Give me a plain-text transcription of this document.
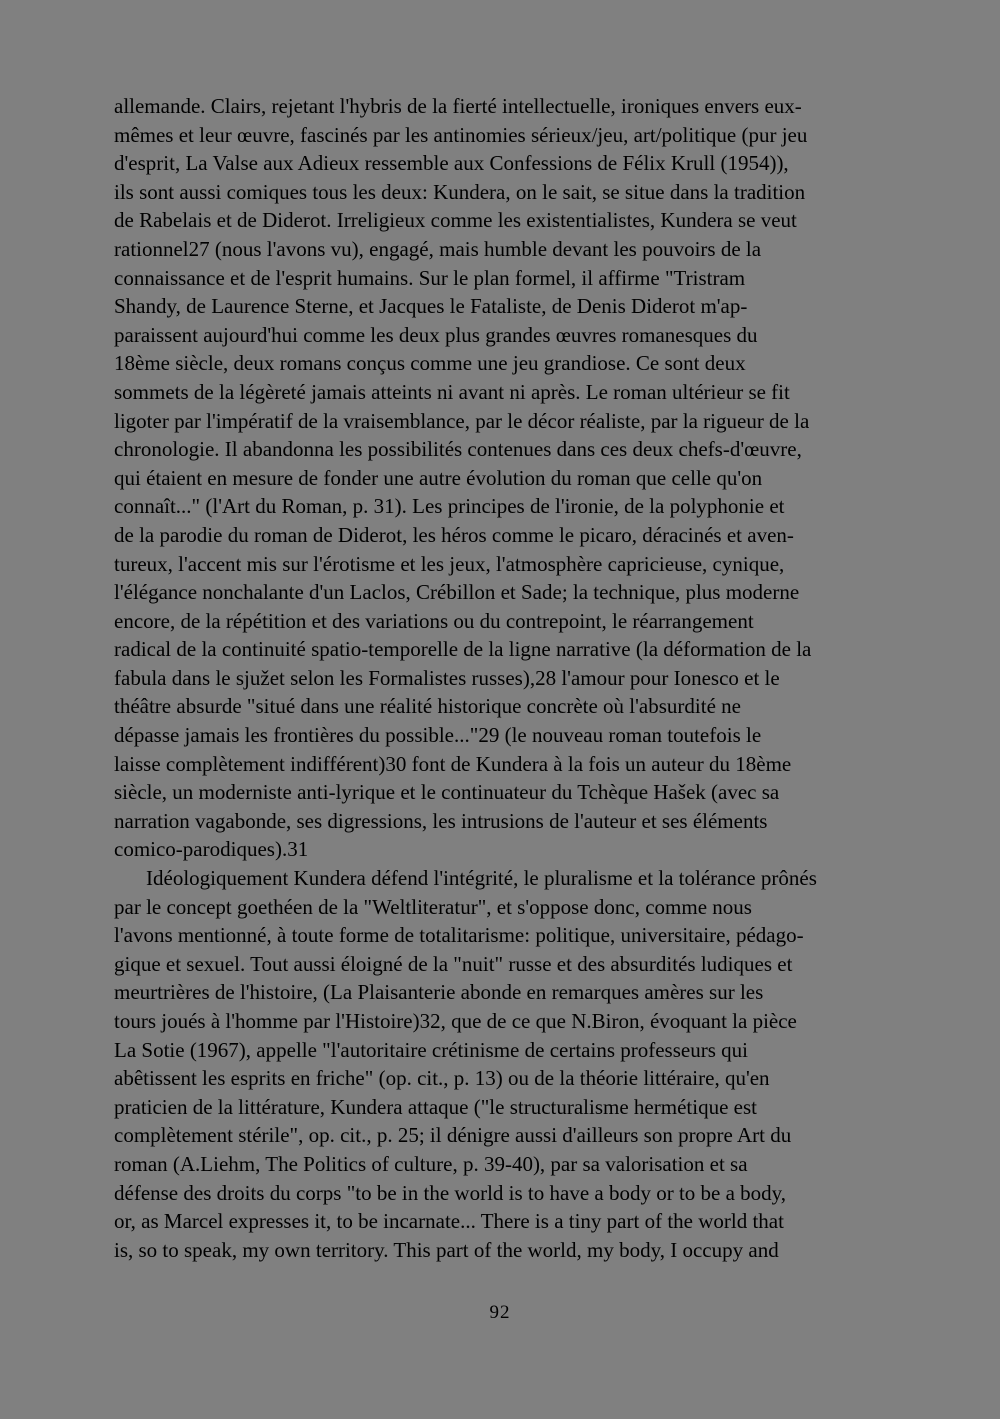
allemande. Clairs, rejetant l'hybris de la fierté intellectuelle, ironiques envers eux-
mêmes et leur œuvre, fascinés par les antinomies sérieux/jeu, art/politique (pur jeu
d'esprit, La Valse aux Adieux ressemble aux Confessions de Félix Krull (1954)),
ils sont aussi comiques tous les deux: Kundera, on le sait, se situe dans la tradition
de Rabelais et de Diderot. Irreligieux comme les existentialistes, Kundera se veut
rationnel27 (nous l'avons vu), engagé, mais humble devant les pouvoirs de la
connaissance et de l'esprit humains. Sur le plan formel, il affirme "Tristram
Shandy, de Laurence Sterne, et Jacques le Fataliste, de Denis Diderot m'ap-
paraissent aujourd'hui comme les deux plus grandes œuvres romanesques du
18ème siècle, deux romans conçus comme une jeu grandiose. Ce sont deux
sommets de la légèreté jamais atteints ni avant ni après. Le roman ultérieur se fit
ligoter par l'impératif de la vraisemblance, par le décor réaliste, par la rigueur de la
chronologie. Il abandonna les possibilités contenues dans ces deux chefs-d'œuvre,
qui étaient en mesure de fonder une autre évolution du roman que celle qu'on
connaît..." (l'Art du Roman, p. 31). Les principes de l'ironie, de la polyphonie et
de la parodie du roman de Diderot, les héros comme le picaro, déracinés et aven-
tureux, l'accent mis sur l'érotisme et les jeux, l'atmosphère capricieuse, cynique,
l'élégance nonchalante d'un Laclos, Crébillon et Sade; la technique, plus moderne
encore, de la répétition et des variations ou du contrepoint, le réarrangement
radical de la continuité spatio-temporelle de la ligne narrative (la déformation de la
fabula dans le sjužet selon les Formalistes russes),28 l'amour pour Ionesco et le
théâtre absurde "situé dans une réalité historique concrète où l'absurdité ne
dépasse jamais les frontières du possible..."29 (le nouveau roman toutefois le
laisse complètement indifférent)30 font de Kundera à la fois un auteur du 18ème
siècle, un moderniste anti-lyrique et le continuateur du Tchèque Hašek (avec sa
narration vagabonde, ses digressions, les intrusions de l'auteur et ses éléments
comico-parodiques).31
Idéologiquement Kundera défend l'intégrité, le pluralisme et la tolérance prônés
par le concept goethéen de la "Weltliteratur", et s'oppose donc, comme nous
l'avons mentionné, à toute forme de totalitarisme: politique, universitaire, pédago-
gique et sexuel. Tout aussi éloigné de la "nuit" russe et des absurdités ludiques et
meurtrières de l'histoire, (La Plaisanterie abonde en remarques amères sur les
tours joués à l'homme par l'Histoire)32, que de ce que N.Biron, évoquant la pièce
La Sotie (1967), appelle "l'autoritaire crétinisme de certains professeurs qui
abêtissent les esprits en friche" (op. cit., p. 13) ou de la théorie littéraire, qu'en
praticien de la littérature, Kundera attaque ("le structuralisme hermétique est
complètement stérile", op. cit., p. 25; il dénigre aussi d'ailleurs son propre Art du
roman (A.Liehm, The Politics of culture, p. 39-40), par sa valorisation et sa
défense des droits du corps "to be in the world is to have a body or to be a body,
or, as Marcel expresses it, to be incarnate... There is a tiny part of the world that
is, so to speak, my own territory. This part of the world, my body, I occupy and
92
